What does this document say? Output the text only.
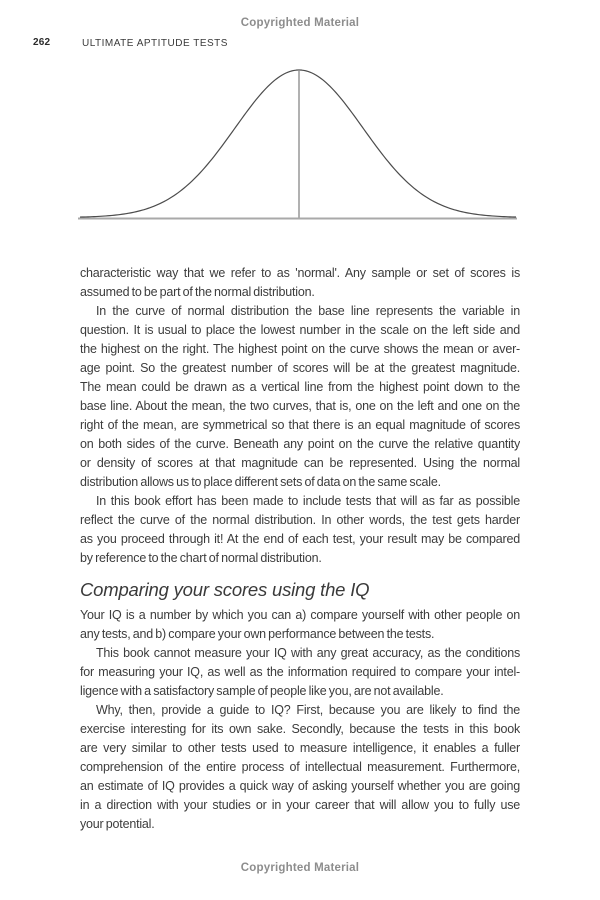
Copyrighted Material
262	ULTIMATE APTITUDE TESTS
characteristic way that we refer to as 'normal'. Any sample or set of scores is
assumed to be part of the normal distribution.
In the curve of normal distribution the base line represents the variable in
question. It is usual to place the lowest number in the scale on the left side and
the highest on the right. The highest point on the curve shows the mean or aver-
age point. So the greatest number of scores will be at the greatest magnitude.
The mean could be drawn as a vertical line from the highest point down to the
base line. About the mean, the two curves, that is, one on the left and one on the
right of the mean, are symmetrical so that there is an equal magnitude of scores
on both sides of the curve. Beneath any point on the curve the relative quantity
or density of scores at that magnitude can be represented. Using the normal
distribution allows us to place different sets of data on the same scale.
In this book effort has been made to include tests that will as far as possible
reflect the curve of the normal distribution. In other words, the test gets harder
as you proceed through it! At the end of each test, your result may be compared
by reference to the chart of normal distribution.
Comparing your scores using the IQ
Your IQ is a number by which you can a) compare yourself with other people on
any tests, and b) compare your own performance between the tests.
This book cannot measure your IQ with any great accuracy, as the conditions
for measuring your IQ, as well as the information required to compare your intel-
ligence with a satisfactory sample of people like you, are not available.
Why, then, provide a guide to IQ? First, because you are likely to find the
exercise interesting for its own sake. Secondly, because the tests in this book
are very similar to other tests used to measure intelligence, it enables a fuller
comprehension of the entire process of intellectual measurement. Furthermore,
an estimate of IQ provides a quick way of asking yourself whether you are going
in a direction with your studies or in your career that will allow you to fully use
your potential.
Copyrighted Material
